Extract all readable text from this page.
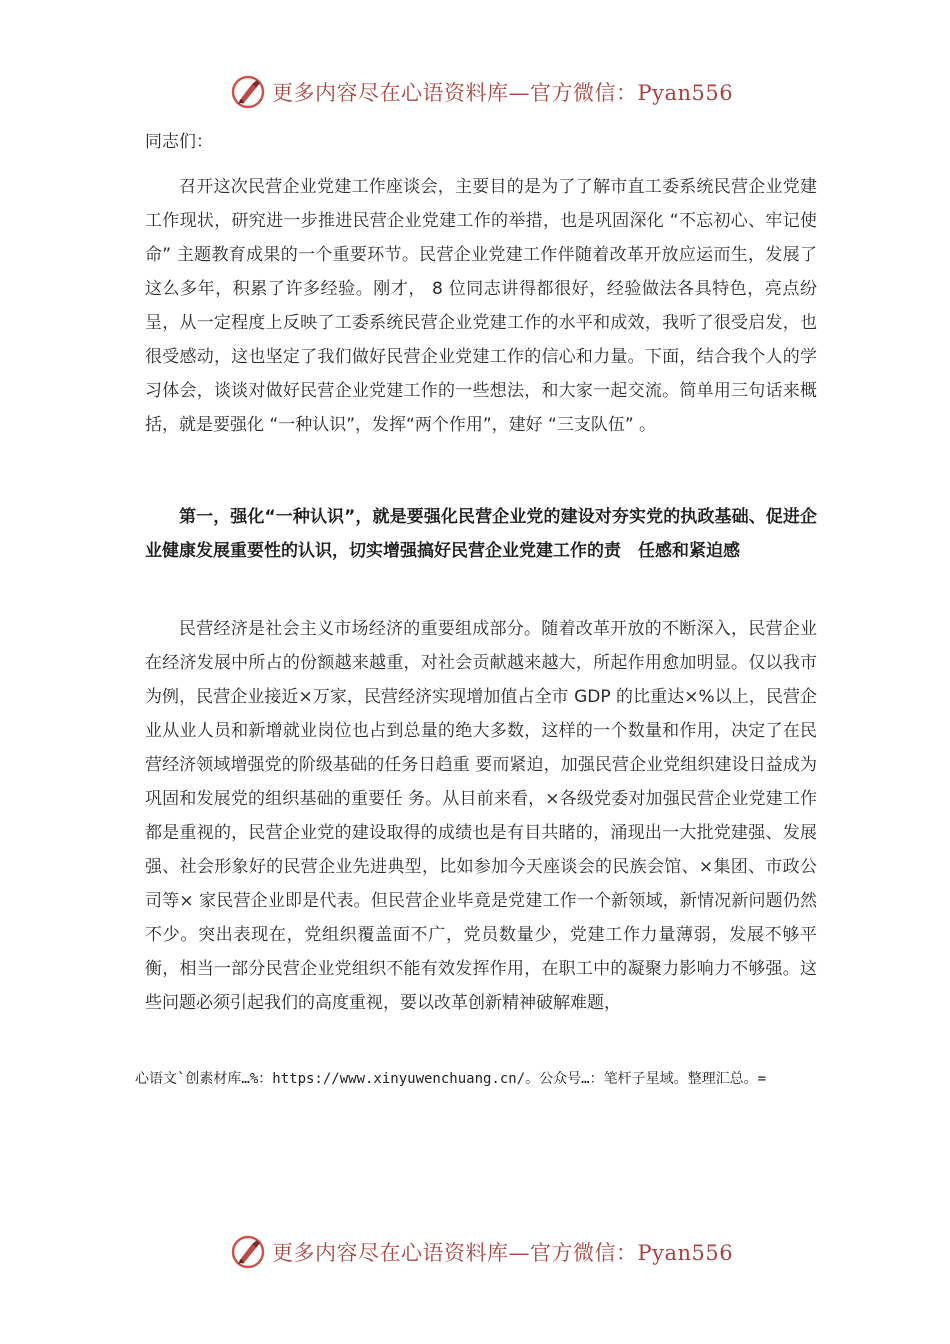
更多内容尽在心语资料库—官方微信：Pyan556
同志们：

召开这次民营企业党建工作座谈会，主要目的是为了了解市直工委系统民营企业党建工作现状，研究进一步推进民营企业党建工作的举措，也是巩固深化 “不忘初心、牢记使命” 主题教育成果的一个重要环节。民营企业党建工作伴随着改革开放应运而生，发展了这么多年，积累了许多经验。刚才， 8 位同志讲得都很好，经验做法各具特色，亮点纷呈，从一定程度上反映了工委系统民营企业党建工作的水平和成效，我听了很受启发，也很受感动，这也坚定了我们做好民营企业党建工作的信心和力量。下面，结合我个人的学习体会，谈谈对做好民营企业党建工作的一些想法，和大家一起交流。简单用三句话来概括，就是要强化 “一种认识”，发挥“两个作用”，建好 “三支队伍” 。

第一，强化“一种认识”，就是要强化民营企业党的建设对夯实党的执政基础、促进企业健康发展重要性的认识，切实增强搞好民营企业党建工作的责　任感和紧迫感

民营经济是社会主义市场经济的重要组成部分。随着改革开放的不断深入，民营企业在经济发展中所占的份额越来越重，对社会贡献越来越大，所起作用愈加明显。仅以我市为例，民营企业接近×万家，民营经济实现增加值占全市 GDP 的比重达×%以上，民营企业从业人员和新增就业岗位也占到总量的绝大多数，这样的一个数量和作用，决定了在民营经济领域增强党的阶级基础的任务日趋重 要而紧迫，加强民营企业党组织建设日益成为巩固和发展党的组织基础的重要任 务。从目前来看，×各级党委对加强民营企业党建工作都是重视的，民营企业党的建设取得的成绩也是有目共睹的，涌现出一大批党建强、发展强、社会形象好的民营企业先进典型，比如参加今天座谈会的民族会馆、×集团、市政公司等× 家民营企业即是代表。但民营企业毕竟是党建工作一个新领域，新情况新问题仍然不少。突出表现在，党组织覆盖面不广，党员数量少，党建工作力量薄弱，发展不够平衡，相当一部分民营企业党组织不能有效发挥作用，在职工中的凝聚力影响力不够强。这些问题必须引起我们的高度重视，要以改革创新精神破解难题，

心语文`创素材库…%：https://www.xinyuwenchuang.cn/。公众号…：笔杆子星域。整理汇总。=
更多内容尽在心语资料库—官方微信：Pyan556
